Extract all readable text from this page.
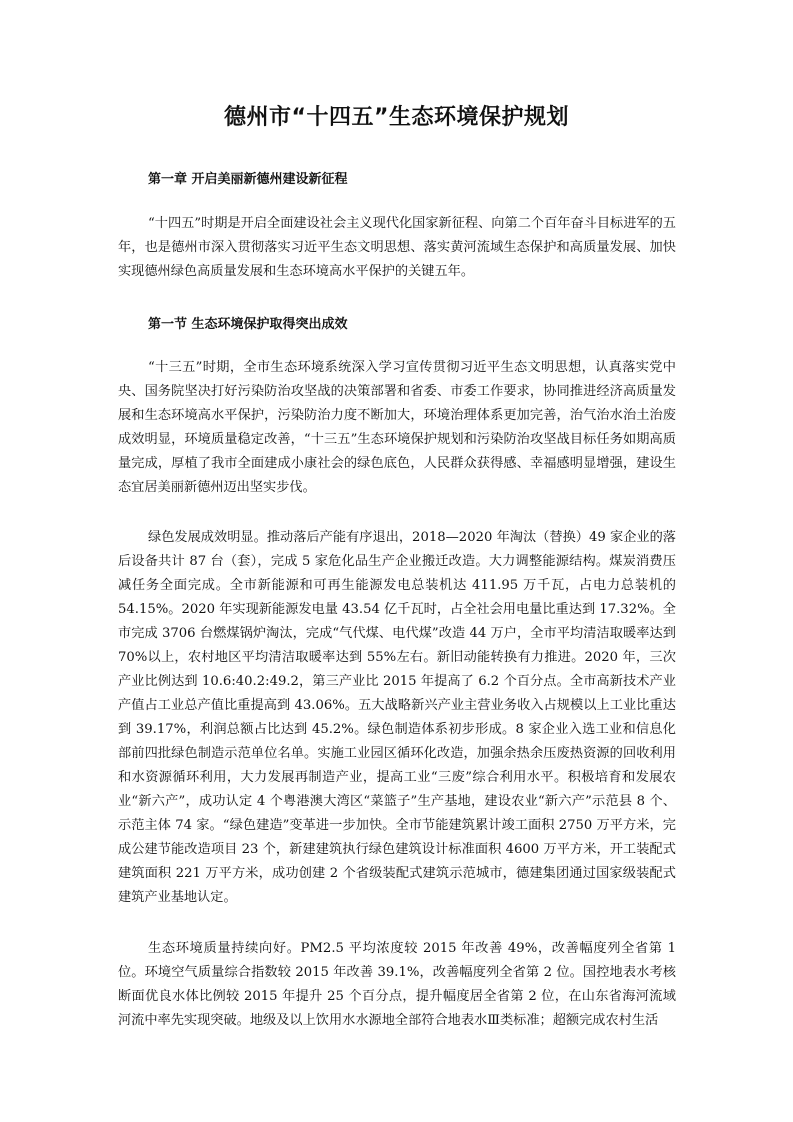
德州市“十四五”生态环境保护规划
第一章 开启美丽新德州建设新征程

“十四五”时期是开启全面建设社会主义现代化国家新征程、向第二个百年奋斗目标进军的五年，也是德州市深入贯彻落实习近平生态文明思想、落实黄河流域生态保护和高质量发展、加快实现德州绿色高质量发展和生态环境高水平保护的关键五年。

第一节 生态环境保护取得突出成效

“十三五”时期，全市生态环境系统深入学习宣传贯彻习近平生态文明思想，认真落实党中央、国务院坚决打好污染防治攻坚战的决策部署和省委、市委工作要求，协同推进经济高质量发展和生态环境高水平保护，污染防治力度不断加大，环境治理体系更加完善，治气治水治土治废成效明显，环境质量稳定改善，“十三五”生态环境保护规划和污染防治攻坚战目标任务如期高质量完成，厚植了我市全面建成小康社会的绿色底色，人民群众获得感、幸福感明显增强，建设生态宜居美丽新德州迈出坚实步伐。

绿色发展成效明显。推动落后产能有序退出，2018—2020 年淘汰（替换）49 家企业的落后设备共计 87 台（套），完成 5 家危化品生产企业搬迁改造。大力调整能源结构。煤炭消费压减任务全面完成。全市新能源和可再生能源发电总装机达 411.95 万千瓦，占电力总装机的 54.15%。2020 年实现新能源发电量 43.54 亿千瓦时，占全社会用电量比重达到 17.32%。全市完成 3706 台燃煤锅炉淘汰，完成“气代煤、电代煤”改造 44 万户，全市平均清洁取暖率达到 70%以上，农村地区平均清洁取暖率达到 55%左右。新旧动能转换有力推进。2020 年，三次产业比例达到 10.6:40.2:49.2，第三产业比 2015 年提高了 6.2 个百分点。全市高新技术产业产值占工业总产值比重提高到 43.06%。五大战略新兴产业主营业务收入占规模以上工业比重达到 39.17%，利润总额占比达到 45.2%。绿色制造体系初步形成。8 家企业入选工业和信息化部前四批绿色制造示范单位名单。实施工业园区循环化改造，加强余热余压废热资源的回收利用和水资源循环利用，大力发展再制造产业，提高工业“三废”综合利用水平。积极培育和发展农业“新六产”，成功认定 4 个粤港澳大湾区“菜篮子”生产基地，建设农业“新六产”示范县 8 个、示范主体 74 家。“绿色建造”变革进一步加快。全市节能建筑累计竣工面积 2750 万平方米，完成公建节能改造项目 23 个，新建建筑执行绿色建筑设计标准面积 4600 万平方米，开工装配式建筑面积 221 万平方米，成功创建 2 个省级装配式建筑示范城市，德建集团通过国家级装配式建筑产业基地认定。

生态环境质量持续向好。PM2.5 平均浓度较 2015 年改善 49%，改善幅度列全省第 1 位。环境空气质量综合指数较 2015 年改善 39.1%，改善幅度列全省第 2 位。国控地表水考核断面优良水体比例较 2015 年提升 25 个百分点，提升幅度居全省第 2 位，在山东省海河流域河流中率先实现突破。地级及以上饮用水水源地全部符合地表水Ⅲ类标准；超额完成农村生活
